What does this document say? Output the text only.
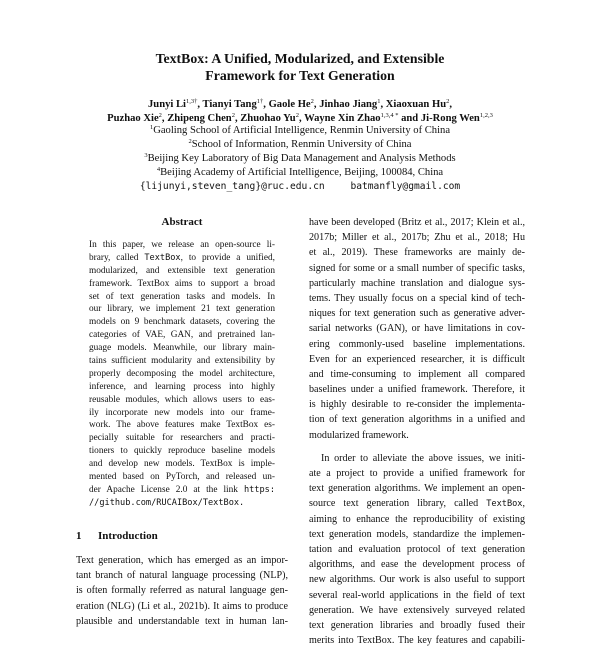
TextBox: A Unified, Modularized, and Extensible
Framework for Text Generation
Junyi $Li^{1,3\dagger}$, Tianyi Tang$^{1\dagger}$, Gaole He$^2$, Jinhao Jiang$^1$, Xiaoxuan Hu$^2$,
Puzhao Xie$^2$, Zhipeng Chen$^2$, Zhuohao Yu$^2$, Wayne Xin Zhao$^{1,3,4 *}$ and Ji-Rong Wen$^{1,2,3}$
$^1$Gaoling School of Artificial Intelligence, Renmin University of China
$^2$School of Information, Renmin University of China
$^3$Beijing Key Laboratory of Big Data Management and Analysis Methods
$^4$Beijing Academy of Artificial Intelligence, Beijing, 100084, China
{lijunyi,steven_tang}@ruc.edu.cn	batmanfly@gmail.com
Abstract
In this paper, we release an open-source li-
brary, called TextBox, to provide a unified,
modularized, and extensible text generation
framework. TextBox aims to support a broad
set of text generation tasks and models. In
our library, we implement 21 text generation
models on 9 benchmark datasets, covering the
categories of VAE, GAN, and pretrained lan-
guage models. Meanwhile, our library main-
tains sufficient modularity and extensibility by
properly decomposing the model architecture,
inference, and learning process into highly
reusable modules, which allows users to eas-
ily incorporate new models into our frame-
work. The above features make TextBox es-
pecially suitable for researchers and practi-
tioners to quickly reproduce baseline models
and develop new models. TextBox is imple-
mented based on PyTorch, and released un-
der Apache License 2.0 at the link https:
//github.com/RUCAIBox/TextBox.
1 Introduction
Text generation, which has emerged as an impor-
tant branch of natural language processing (NLP),
is often formally referred as natural language gen-
eration (NLG) (Li et al., 2021b). It aims to produce
plausible and understandable text in human lan-
have been developed (Britz et al., 2017; Klein et al.,
2017b; Miller et al., 2017b; Zhu et al., 2018; Hu
et al., 2019). These frameworks are mainly de-
signed for some or a small number of specific tasks,
particularly machine translation and dialogue sys-
tems. They usually focus on a special kind of tech-
niques for text generation such as generative adver-
sarial networks (GAN), or have limitations in cov-
ering commonly-used baseline implementations.
Even for an experienced researcher, it is difficult
and time-consuming to implement all compared
baselines under a unified framework. Therefore, it
is highly desirable to re-consider the implementa-
tion of text generation algorithms in a unified and
modularized framework.
In order to alleviate the above issues, we initi-
ate a project to provide a unified framework for
text generation algorithms. We implement an open-
source text generation library, called TextBox,
aiming to enhance the reproducibility of existing
text generation models, standardize the implemen-
tation and evaluation protocol of text generation
algorithms, and ease the development process of
new algorithms. Our work is also useful to support
several real-world applications in the field of text
generation. We have extensively surveyed related
text generation libraries and broadly fused their
merits into TextBox. The key features and capabili-
